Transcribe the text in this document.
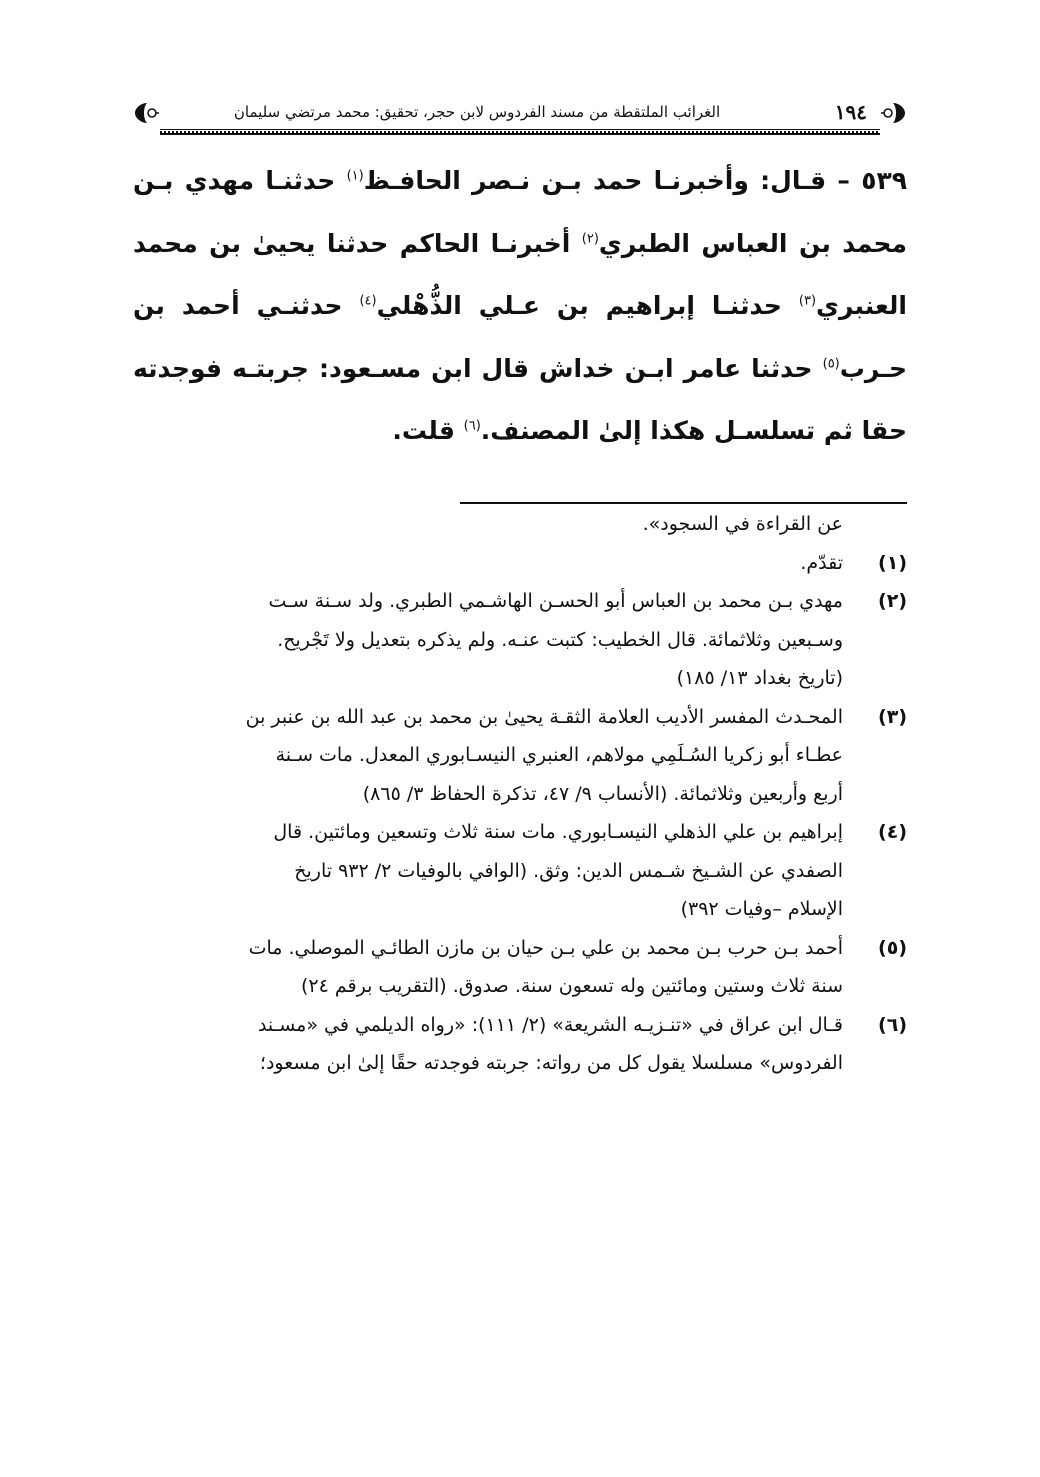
١٩٤
الغرائب الملتقطة من مسند الفردوس لابن حجر، تحقيق: محمد مرتضي سليمان

٥٣٩ – قـال: وأخبرنـا حمد بـن نـصر الحافـظ$^{(١)}$ حدثنـا مهدي بـن محمد بن العباس الطبري$^{(٢)}$ أخبرنـا الحاكم حدثنا يحيىٰ بن محمد العنبري$^{(٣)}$ حدثنـا إبراهيم بن عـلي الذُّهْلي$^{(٤)}$ حدثنـي أحمد بن حـرب$^{(٥)}$ حدثنا عامر ابـن خداش قال ابن مسـعود: جربتـه فوجدته حقا ثم تسلسـل هكذا إلىٰ المصنف.$^{(٦)}$ قلت.

عن القراءة في السجود».

(١)
تقدّم.
(٢)
مهدي بـن محمد بن العباس أبو الحسـن الهاشـمي الطبري. ولد سـنة سـت
وسـبعين وثلاثمائة. قال الخطيب: كتبت عنـه. ولم يذكره بتعديل ولا تَجْريح.
(تاريخ بغداد ١٣/ ١٨٥)
(٣)
المحـدث المفسر الأديب العلامة الثقـة يحيىٰ بن محمد بن عبد الله بن عنبر بن
عطـاء أبو زكريا السُـلَمِي مولاهم، العنبري النيسـابوري المعدل. مات سـنة
أربع وأربعين وثلاثمائة. (الأنساب ٩/ ٤٧، تذكرة الحفاظ ٣/ ٨٦٥)
(٤)
إبراهيم بن علي الذهلي النيسـابوري. مات سنة ثلاث وتسعين ومائتين. قال
الصفدي عن الشـيخ شـمس الدين: وثق. (الوافي بالوفيات ٢/ ٩٣٢ تاريخ
الإسلام –وفيات ٣٩٢)
(٥)
أحمد بـن حرب بـن محمد بن علي بـن حيان بن مازن الطائـي الموصلي. مات
سنة ثلاث وستين ومائتين وله تسعون سنة. صدوق. (التقريب برقم ٢٤)
(٦)
قـال ابن عراق في «تنـزيـه الشريعة» (٢/ ١١١): «رواه الديلمي في «مسـند
الفردوس» مسلسلا يقول كل من رواته: جربته فوجدته حقًا إلىٰ ابن مسعود؛
